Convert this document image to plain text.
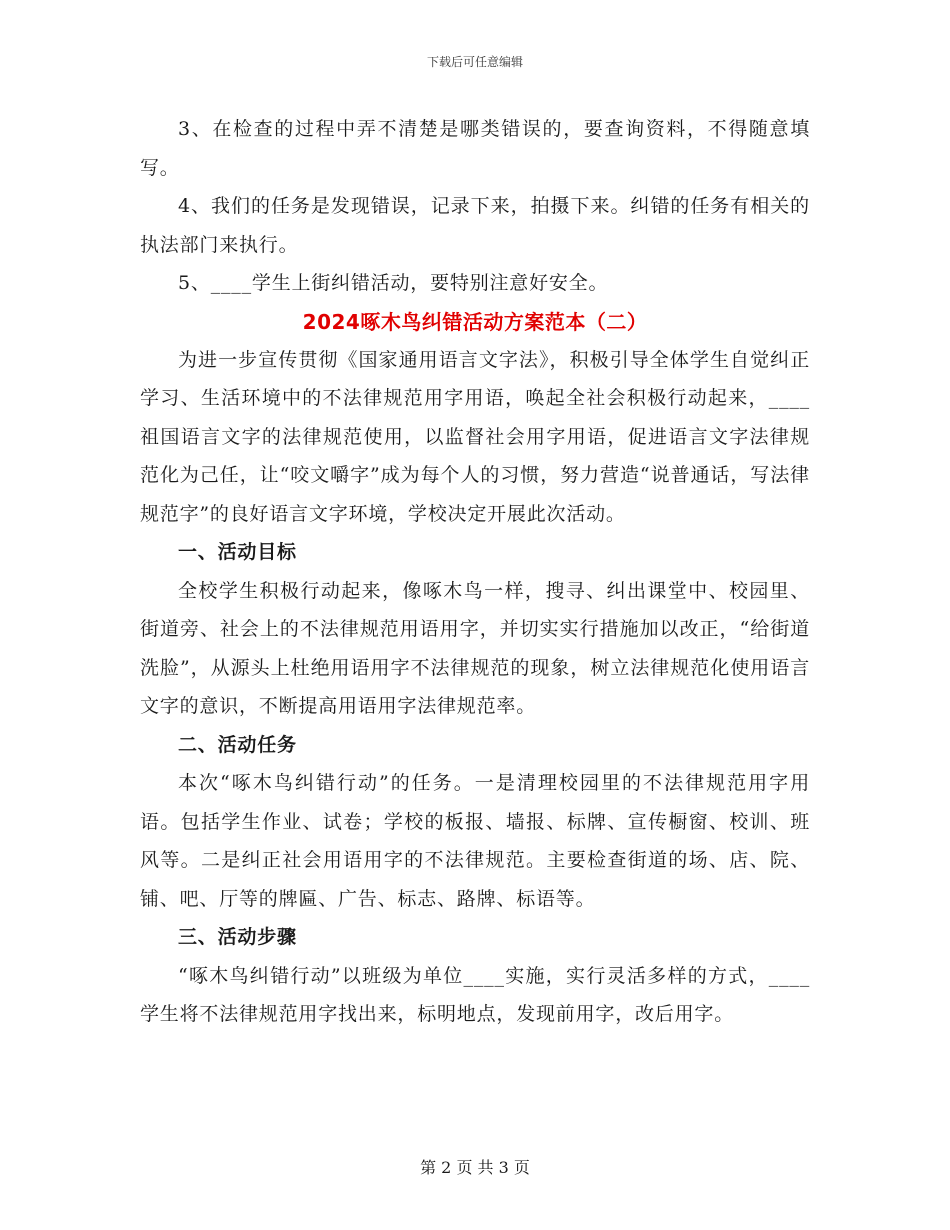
下载后可任意编辑

3、在检查的过程中弄不清楚是哪类错误的，要查询资料，不得随意填写。

4、我们的任务是发现错误，记录下来，拍摄下来。纠错的任务有相关的执法部门来执行。

5、____学生上街纠错活动，要特别注意好安全。

2024啄木鸟纠错活动方案范本（二）

为进一步宣传贯彻《国家通用语言文字法》，积极引导全体学生自觉纠正学习、生活环境中的不法律规范用字用语，唤起全社会积极行动起来，____祖国语言文字的法律规范使用，以监督社会用字用语，促进语言文字法律规范化为己任，让“咬文嚼字”成为每个人的习惯，努力营造“说普通话，写法律规范字”的良好语言文字环境，学校决定开展此次活动。

一、活动目标

全校学生积极行动起来，像啄木鸟一样，搜寻、纠出课堂中、校园里、街道旁、社会上的不法律规范用语用字，并切实实行措施加以改正，“给街道洗脸”，从源头上杜绝用语用字不法律规范的现象，树立法律规范化使用语言文字的意识，不断提高用语用字法律规范率。

二、活动任务

本次“啄木鸟纠错行动”的任务。一是清理校园里的不法律规范用字用语。包括学生作业、试卷；学校的板报、墙报、标牌、宣传橱窗、校训、班风等。二是纠正社会用语用字的不法律规范。主要检查街道的场、店、院、铺、吧、厅等的牌匾、广告、标志、路牌、标语等。

三、活动步骤

“啄木鸟纠错行动”以班级为单位____实施，实行灵活多样的方式，____学生将不法律规范用字找出来，标明地点，发现前用字，改后用字。

第 2 页 共 3 页
